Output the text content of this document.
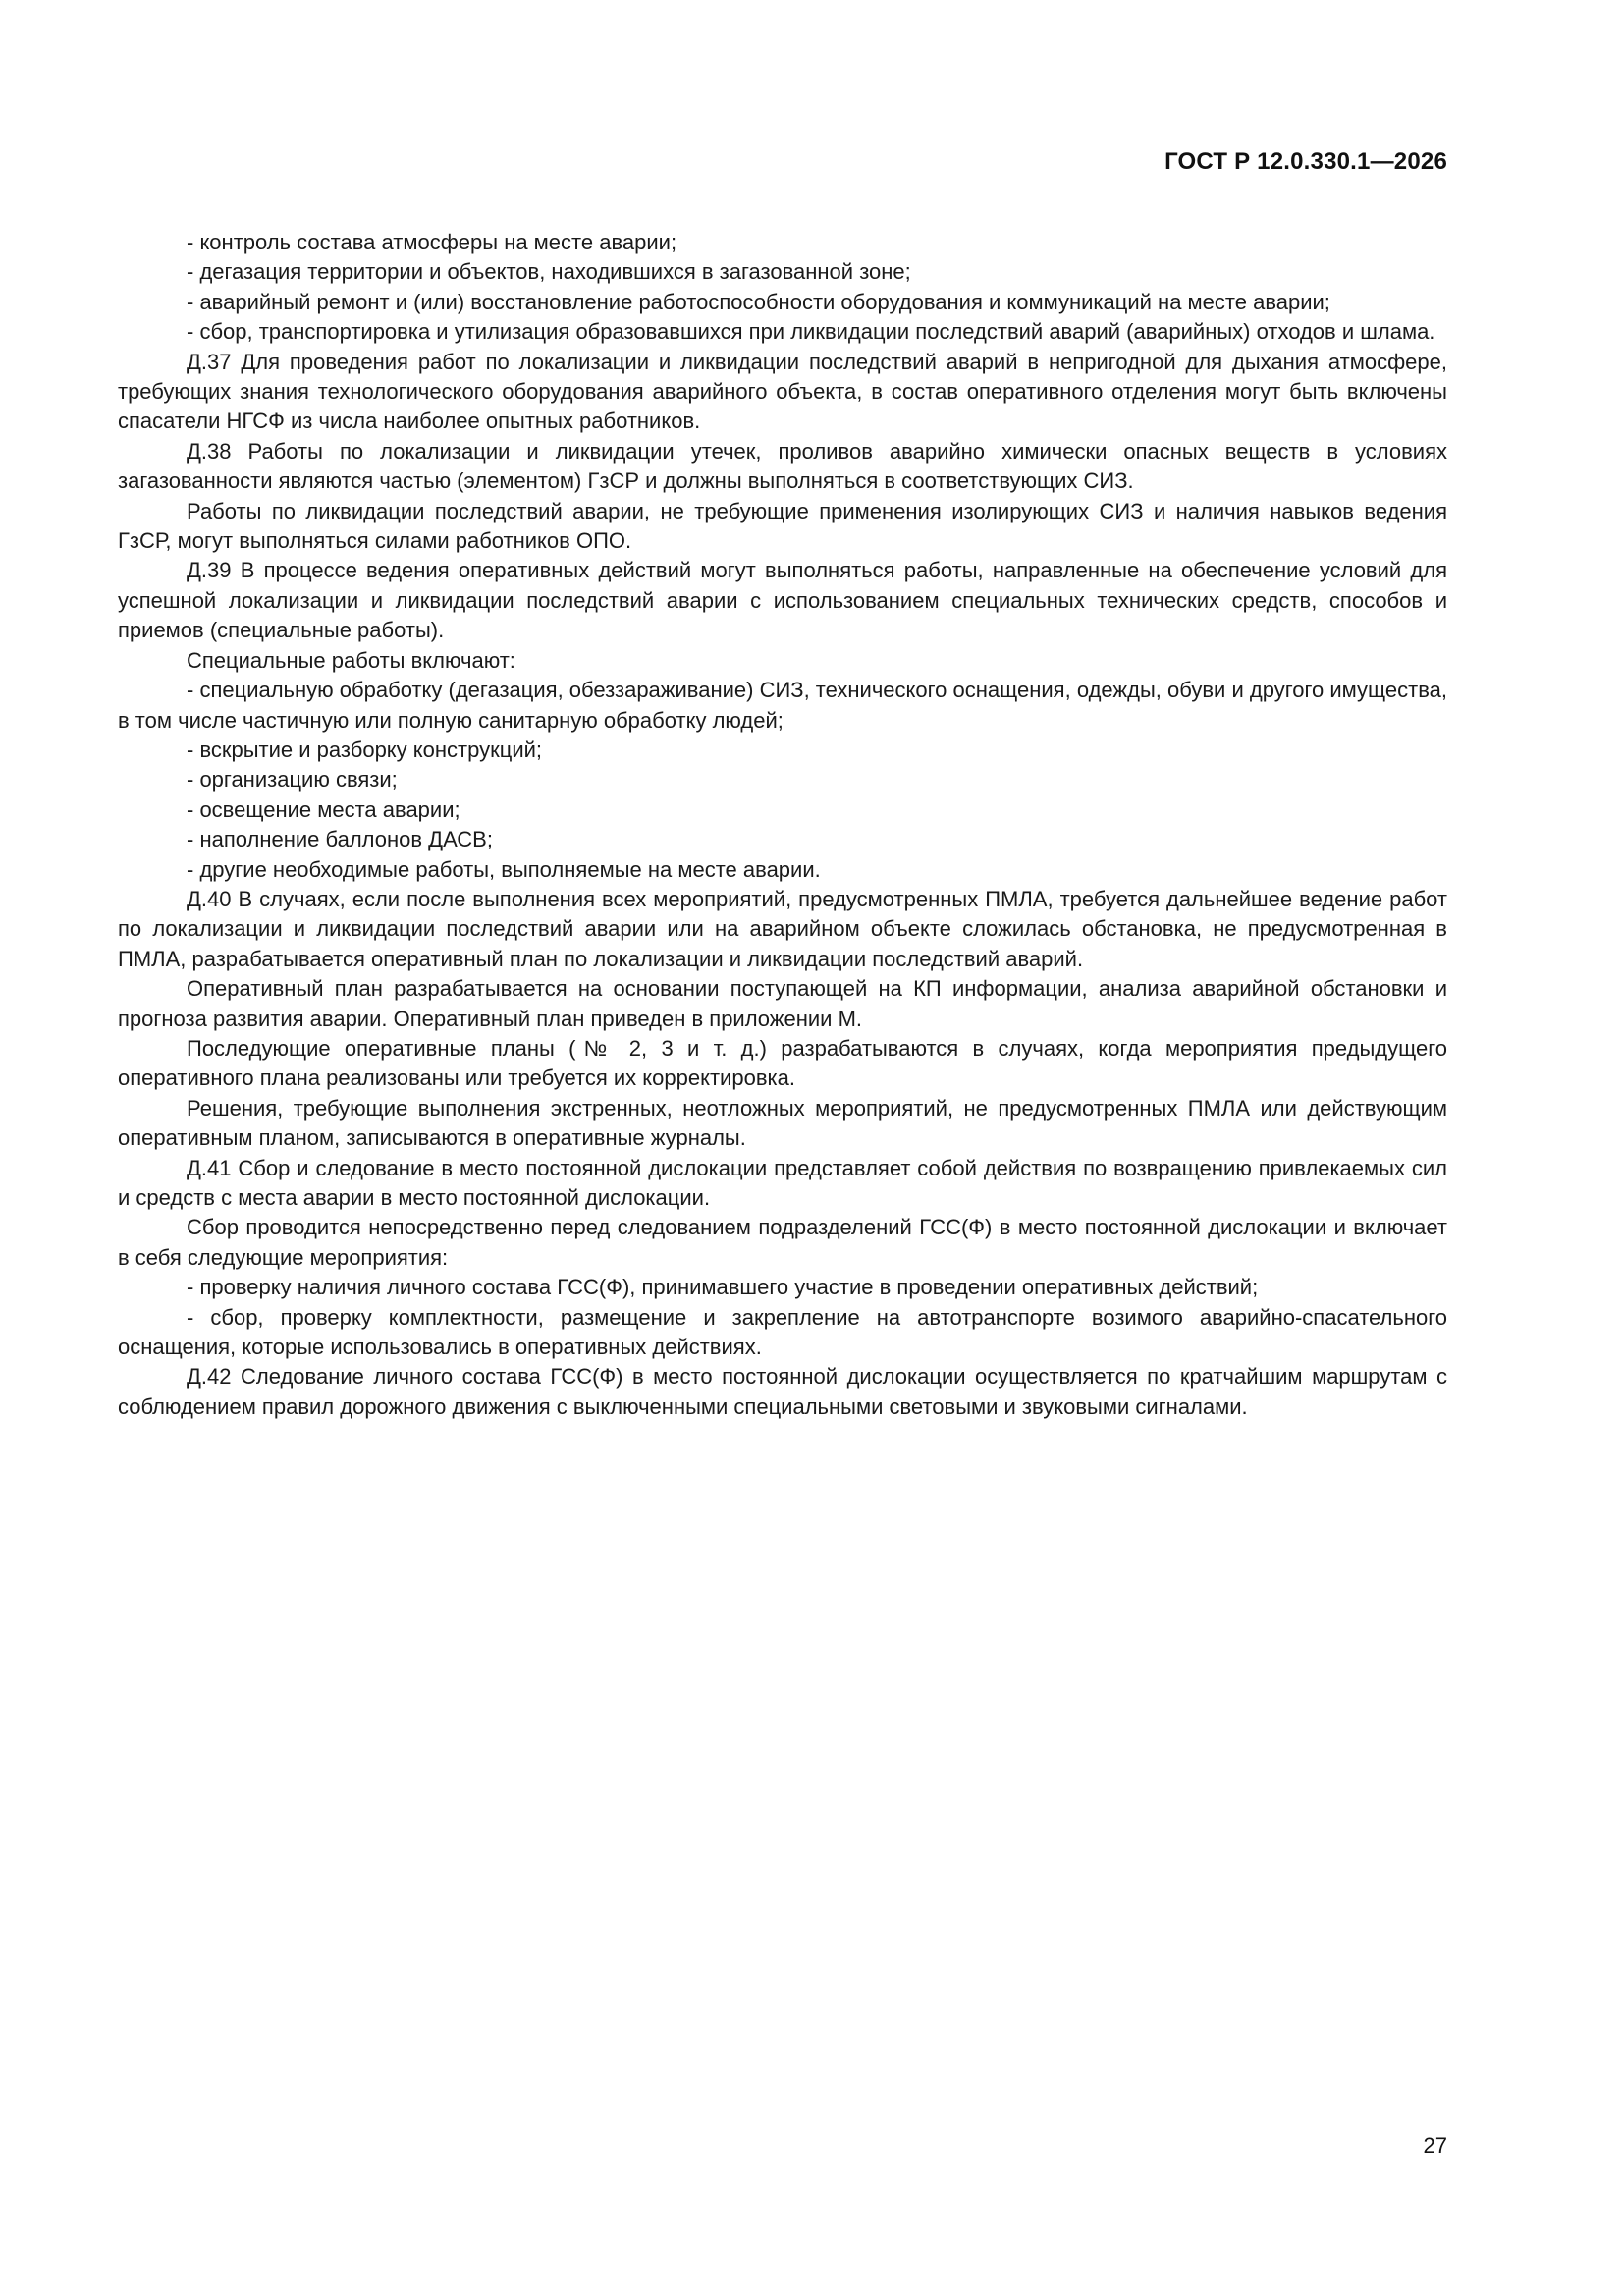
ГОСТ Р 12.0.330.1—2026

- контроль состава атмосферы на месте аварии;

- дегазация территории и объектов, находившихся в загазованной зоне;

- аварийный ремонт и (или) восстановление работоспособности оборудования и коммуникаций на месте аварии;

- сбор, транспортировка и утилизация образовавшихся при ликвидации последствий аварий (аварийных) отходов и шлама.

Д.37 Для проведения работ по локализации и ликвидации последствий аварий в непригодной для дыхания атмосфере, требующих знания технологического оборудования аварийного объекта, в состав оперативного отделения могут быть включены спасатели НГСФ из числа наиболее опытных работников.

Д.38 Работы по локализации и ликвидации утечек, проливов аварийно химически опасных веществ в условиях загазованности являются частью (элементом) ГзСР и должны выполняться в соответствующих СИЗ.

Работы по ликвидации последствий аварии, не требующие применения изолирующих СИЗ и наличия навыков ведения ГзСР, могут выполняться силами работников ОПО.

Д.39 В процессе ведения оперативных действий могут выполняться работы, направленные на обеспечение условий для успешной локализации и ликвидации последствий аварии с использованием специальных технических средств, способов и приемов (специальные работы).

Специальные работы включают:

- специальную обработку (дегазация, обеззараживание) СИЗ, технического оснащения, одежды, обуви и другого имущества, в том числе частичную или полную санитарную обработку людей;

- вскрытие и разборку конструкций;

- организацию связи;

- освещение места аварии;

- наполнение баллонов ДАСВ;

- другие необходимые работы, выполняемые на месте аварии.

Д.40 В случаях, если после выполнения всех мероприятий, предусмотренных ПМЛА, требуется дальнейшее ведение работ по локализации и ликвидации последствий аварии или на аварийном объекте сложилась обстановка, не предусмотренная в ПМЛА, разрабатывается оперативный план по локализации и ликвидации последствий аварий.

Оперативный план разрабатывается на основании поступающей на КП информации, анализа аварийной обстановки и прогноза развития аварии. Оперативный план приведен в приложении М.

Последующие оперативные планы (№ 2, 3 и т. д.) разрабатываются в случаях, когда мероприятия предыдущего оперативного плана реализованы или требуется их корректировка.

Решения, требующие выполнения экстренных, неотложных мероприятий, не предусмотренных ПМЛА или действующим оперативным планом, записываются в оперативные журналы.

Д.41 Сбор и следование в место постоянной дислокации представляет собой действия по возвращению привлекаемых сил и средств с места аварии в место постоянной дислокации.

Сбор проводится непосредственно перед следованием подразделений ГСС(Ф) в место постоянной дислокации и включает в себя следующие мероприятия:

- проверку наличия личного состава ГСС(Ф), принимавшего участие в проведении оперативных действий;

- сбор, проверку комплектности, размещение и закрепление на автотранспорте возимого аварийно-спасательного оснащения, которые использовались в оперативных действиях.

Д.42 Следование личного состава ГСС(Ф) в место постоянной дислокации осуществляется по кратчайшим маршрутам с соблюдением правил дорожного движения с выключенными специальными световыми и звуковыми сигналами.

27
